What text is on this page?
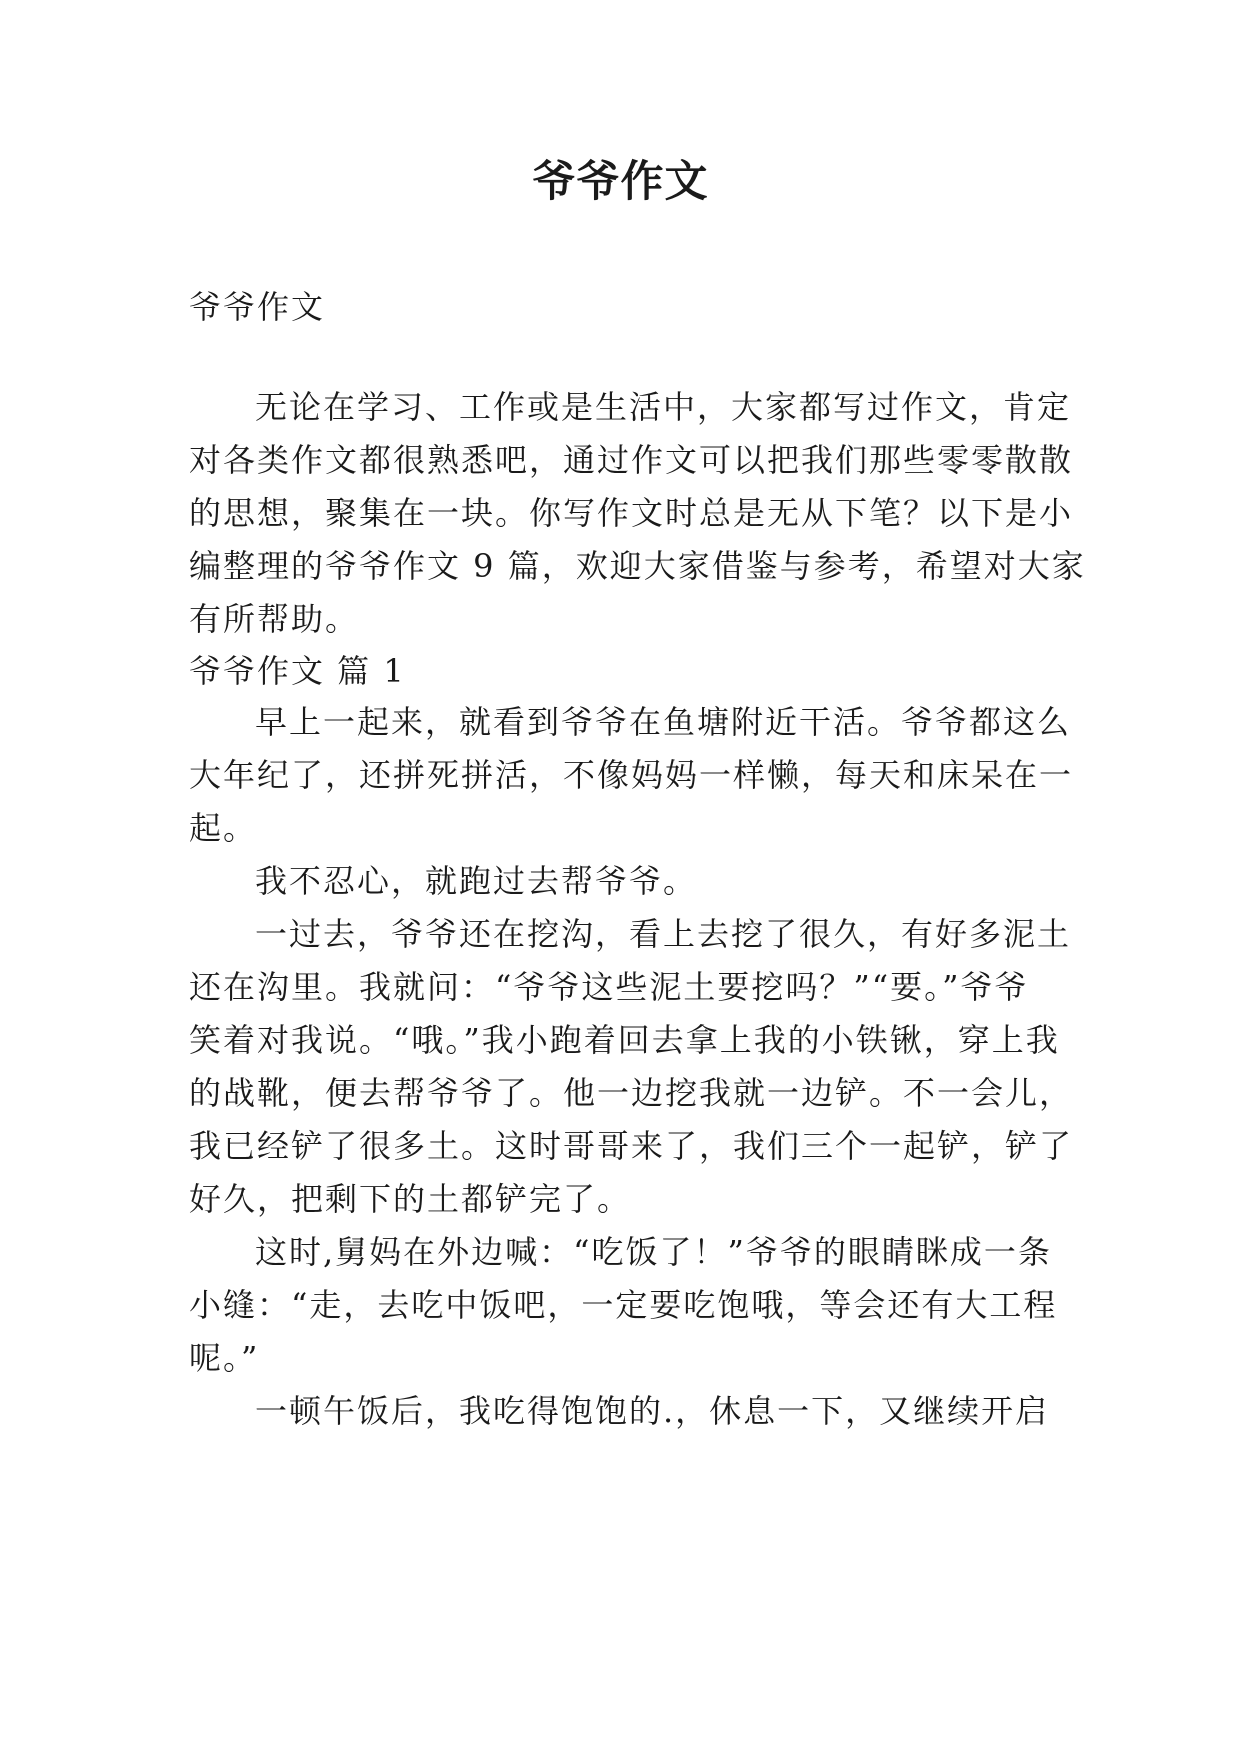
爷爷作文
爷爷作文
无论在学习、工作或是生活中，大家都写过作文，肯定
对各类作文都很熟悉吧，通过作文可以把我们那些零零散散
的思想，聚集在一块。你写作文时总是无从下笔？以下是小
编整理的爷爷作文 9 篇，欢迎大家借鉴与参考，希望对大家
有所帮助。
爷爷作文 篇 1
早上一起来，就看到爷爷在鱼塘附近干活。爷爷都这么
大年纪了，还拼死拼活，不像妈妈一样懒，每天和床呆在一
起。
我不忍心，就跑过去帮爷爷。
一过去，爷爷还在挖沟，看上去挖了很久，有好多泥土
还在沟里。我就问：“爷爷这些泥土要挖吗？”“要。”爷爷
笑着对我说。“哦。”我小跑着回去拿上我的小铁锹，穿上我
的战靴，便去帮爷爷了。他一边挖我就一边铲。不一会儿，
我已经铲了很多土。这时哥哥来了，我们三个一起铲，铲了
好久，把剩下的土都铲完了。
这时,舅妈在外边喊：“吃饭了！”爷爷的眼睛眯成一条
小缝：“走，去吃中饭吧，一定要吃饱哦，等会还有大工程
呢。”
一顿午饭后，我吃得饱饱的.，休息一下，又继续开启
